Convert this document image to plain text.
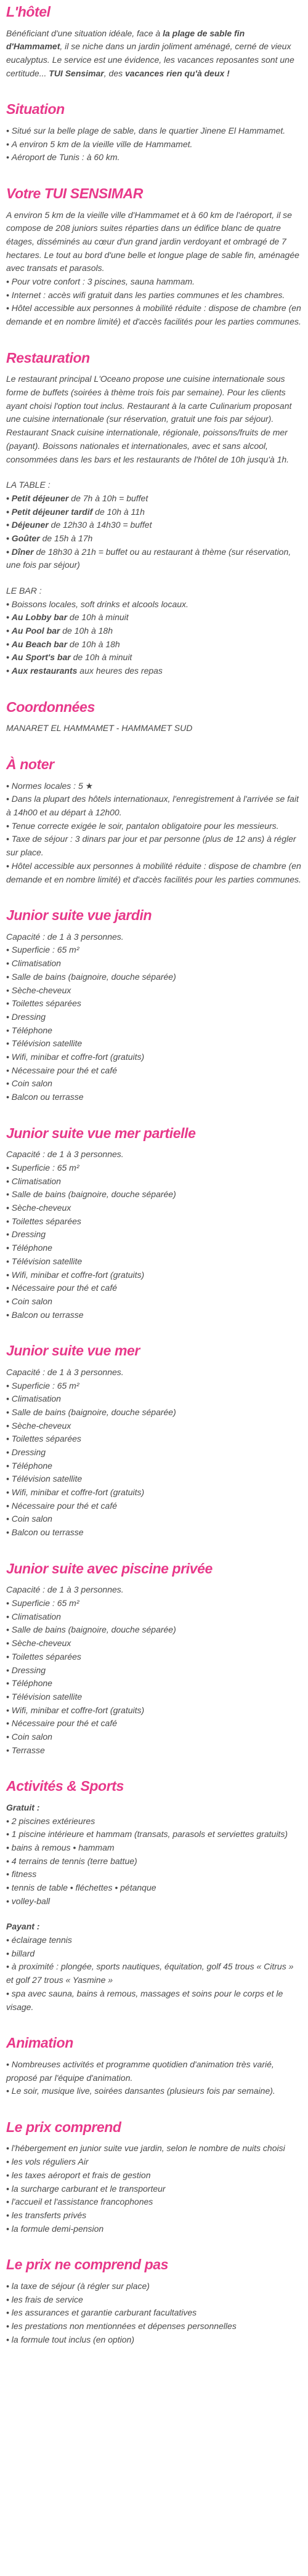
L'hôtel

Bénéficiant d'une situation idéale, face à la plage de sable fin d'Hammamet, il se niche dans un jardin joliment aménagé, cerné de vieux eucalyptus. Le service est une évidence, les vacances reposantes sont une certitude... TUI Sensimar, des vacances rien qu'à deux !

Situation
• Situé sur la belle plage de sable, dans le quartier Jinene El Hammamet.
• A environ 5 km de la vieille ville de Hammamet.
• Aéroport de Tunis : à 60 km.
Votre TUI SENSIMAR

A environ 5 km de la vieille ville d'Hammamet et à 60 km de l'aéroport, il se compose de 208 juniors suites réparties dans un édifice blanc de quatre étages, disséminés au cœur d'un grand jardin verdoyant et ombragé de 7 hectares. Le tout au bord d'une belle et longue plage de sable fin, aménagée avec transats et parasols.

• Pour votre confort : 3 piscines, sauna hammam.
• Internet : accès wifi gratuit dans les parties communes et les chambres.
• Hôtel accessible aux personnes à mobilité réduite : dispose de chambre (en demande et en nombre limité) et d'accès facilités pour les parties communes.
Restauration

Le restaurant principal L'Oceano propose une cuisine internationale sous forme de buffets (soirées à thème trois fois par semaine). Pour les clients ayant choisi l'option tout inclus. Restaurant à la carte Culinarium proposant une cuisine internationale (sur réservation, gratuit une fois par séjour). Restaurant Snack cuisine internationale, régionale, poissons/fruits de mer (payant). Boissons nationales et internationales, avec et sans alcool, consommées dans les bars et les restaurants de l'hôtel de 10h jusqu'à 1h.

LA TABLE :

• Petit déjeuner de 7h à 10h = buffet
• Petit déjeuner tardif de 10h à 11h
• Déjeuner de 12h30 à 14h30 = buffet
• Goûter de 15h à 17h
• Dîner de 18h30 à 21h = buffet ou au restaurant à thème (sur réservation, une fois par séjour)

LE BAR :

• Boissons locales, soft drinks et alcools locaux.
• Au Lobby bar de 10h à minuit
• Au Pool bar de 10h à 18h
• Au Beach bar de 10h à 18h
• Au Sport's bar de 10h à minuit
• Aux restaurants aux heures des repas
Coordonnées

MANARET EL HAMMAMET - HAMMAMET SUD

À noter
• Normes locales : 5 ★
• Dans la plupart des hôtels internationaux, l'enregistrement à l'arrivée se fait à 14h00 et au départ à 12h00.
• Tenue correcte exigée le soir, pantalon obligatoire pour les messieurs.
• Taxe de séjour : 3 dinars par jour et par personne (plus de 12 ans) à régler sur place.
• Hôtel accessible aux personnes à mobilité réduite : dispose de chambre (en demande et en nombre limité) et d'accès facilités pour les parties communes.
Junior suite vue jardin

Capacité : de 1 à 3 personnes.

• Superficie : 65 m²
• Climatisation
• Salle de bains (baignoire, douche séparée)
• Sèche-cheveux
• Toilettes séparées
• Dressing
• Téléphone
• Télévision satellite
• Wifi, minibar et coffre-fort (gratuits)
• Nécessaire pour thé et café
• Coin salon
• Balcon ou terrasse
Junior suite vue mer partielle

Capacité : de 1 à 3 personnes.

• Superficie : 65 m²
• Climatisation
• Salle de bains (baignoire, douche séparée)
• Sèche-cheveux
• Toilettes séparées
• Dressing
• Téléphone
• Télévision satellite
• Wifi, minibar et coffre-fort (gratuits)
• Nécessaire pour thé et café
• Coin salon
• Balcon ou terrasse
Junior suite vue mer

Capacité : de 1 à 3 personnes.

• Superficie : 65 m²
• Climatisation
• Salle de bains (baignoire, douche séparée)
• Sèche-cheveux
• Toilettes séparées
• Dressing
• Téléphone
• Télévision satellite
• Wifi, minibar et coffre-fort (gratuits)
• Nécessaire pour thé et café
• Coin salon
• Balcon ou terrasse
Junior suite avec piscine privée

Capacité : de 1 à 3 personnes.

• Superficie : 65 m²
• Climatisation
• Salle de bains (baignoire, douche séparée)
• Sèche-cheveux
• Toilettes séparées
• Dressing
• Téléphone
• Télévision satellite
• Wifi, minibar et coffre-fort (gratuits)
• Nécessaire pour thé et café
• Coin salon
• Terrasse
Activités & Sports

Gratuit :

• 2 piscines extérieures
• 1 piscine intérieure et hammam (transats, parasols et serviettes gratuits)
• bains à remous • hammam
• 4 terrains de tennis (terre battue)
• fitness
• tennis de table • fléchettes • pétanque
• volley-ball

Payant :

• éclairage tennis
• billard
• à proximité : plongée, sports nautiques, équitation, golf 45 trous « Citrus » et golf 27 trous « Yasmine »
• spa avec sauna, bains à remous, massages et soins pour le corps et le visage.
Animation
• Nombreuses activités et programme quotidien d'animation très varié, proposé par l'équipe d'animation.
• Le soir, musique live, soirées dansantes (plusieurs fois par semaine).
Le prix comprend
• l'hébergement en junior suite vue jardin, selon le nombre de nuits choisi
• les vols réguliers Air
• les taxes aéroport et frais de gestion
• la surcharge carburant et le transporteur
• l'accueil et l'assistance francophones
• les transferts privés
• la formule demi-pension
Le prix ne comprend pas
• la taxe de séjour (à régler sur place)
• les frais de service
• les assurances et garantie carburant facultatives
• les prestations non mentionnées et dépenses personnelles
• la formule tout inclus (en option)
